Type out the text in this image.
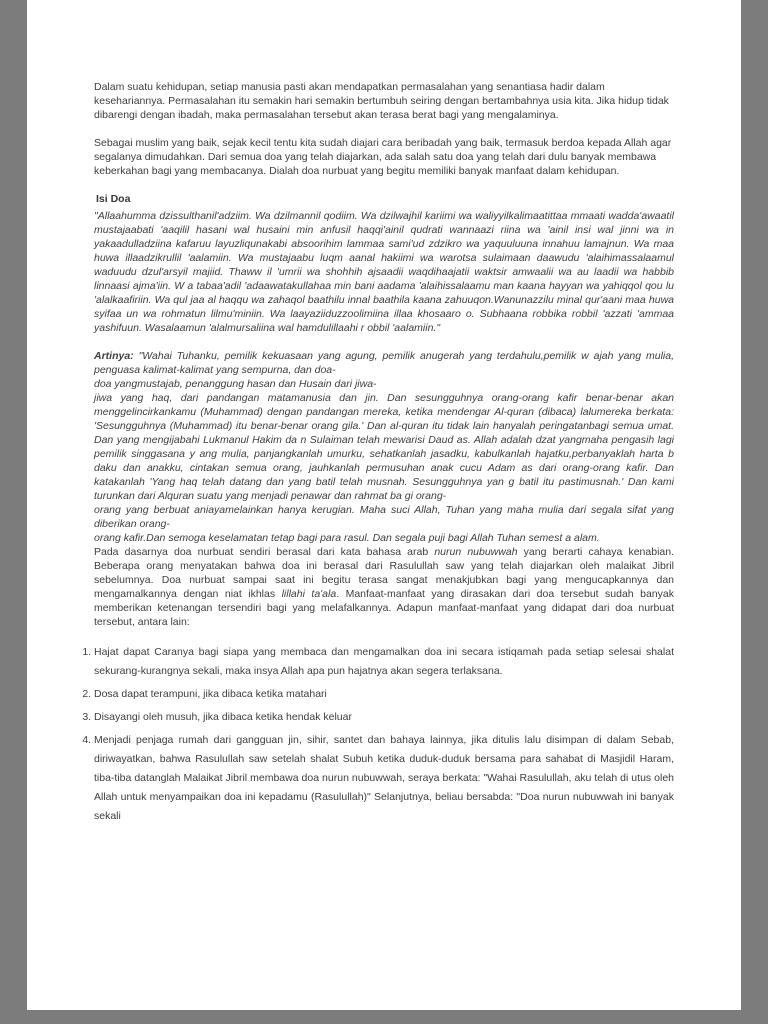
Dalam suatu kehidupan, setiap manusia pasti akan mendapatkan permasalahan yang senantiasa hadir dalam kesehariannya. Permasalahan itu semakin hari semakin bertumbuh seiring dengan bertambahnya usia kita. Jika hidup tidak dibarengi dengan ibadah, maka permasalahan tersebut akan terasa berat bagi yang mengalaminya.

Sebagai muslim yang baik, sejak kecil tentu kita sudah diajari cara beribadah yang baik, termasuk berdoa kepada Allah agar segalanya dimudahkan. Dari semua doa yang telah diajarkan, ada salah satu doa yang telah dari dulu banyak membawa keberkahan bagi yang membacanya. Dialah doa nurbuat yang begitu memiliki banyak manfaat dalam kehidupan.

Isi Doa

"Allaahumma dzissulthanil'adziim. Wa dzilmannil qodiim. Wa dzilwajhil kariimi wa waliyyilkalimaatittaa mmaati wadda'awaatil mustajaabati 'aaqilil hasani wal husaini min anfusil haqqi'ainil qudrati wannaazi riina wa 'ainil insi wal jinni wa in yakaadulladziina kafaruu layuzliqunakabi absoorihim lammaa sami'ud zdzikro wa yaquuluuna innahuu lamajnun. Wa maa huwa illaadzikrullil 'aalamiin. Wa mustajaabu luqm aanal hakiimi wa warotsa sulaimaan daawudu 'alaihimassalaamul waduudu dzul'arsyil majiid. Thaww il 'umrii wa shohhih ajsaadii waqdihaajatii waktsir amwaalii wa au laadii wa habbib linnaasi ajma'iin. W a tabaa'adil 'adaawatakullahaa min bani aadama 'alaihissalaamu man kaana hayyan wa yahiqqol qou lu 'alalkaafiriin. Wa qul jaa al haqqu wa zahaqol baathilu innal baathila kaana zahuuqon.Wanunazzilu minal qur'aani maa huwa syifaa un wa rohmatun lilmu'miniin. Wa laayaziiduzzoolimiina illaa khosaaro o. Subhaana robbika robbil 'azzati 'ammaa yashifuun. Wasalaamun 'alalmursaliina wal hamdulillaahi r obbil 'aalamiin."

Artinya: "Wahai Tuhanku, pemilik kekuasaan yang agung, pemilik anugerah yang terdahulu,pemilik w ajah yang mulia, penguasa kalimat-kalimat yang sempurna, dan doa-
doa yangmustajab, penanggung hasan dan Husain dari jiwa-
jiwa yang haq, dari pandangan matamanusia dan jin. Dan sesungguhnya orang-orang kafir benar-benar akan menggelincirkankamu (Muhammad) dengan pandangan mereka, ketika mendengar Al-quran (dibaca) lalumereka berkata: 'Sesungguhnya (Muhammad) itu benar-benar orang gila.' Dan al-quran itu tidak lain hanyalah peringatanbagi semua umat. Dan yang mengijabahi Lukmanul Hakim da n Sulaiman telah mewarisi Daud as. Allah adalah dzat yangmaha pengasih lagi pemilik singgasana y ang mulia, panjangkanlah umurku, sehatkanlah jasadku, kabulkanlah hajatku,perbanyaklah harta b daku dan anakku, cintakan semua orang, jauhkanlah permusuhan anak cucu Adam as dari orang-orang kafir. Dan katakanlah 'Yang haq telah datang dan yang batil telah musnah. Sesungguhnya yan g batil itu pastimusnah.' Dan kami turunkan dari Alquran suatu yang menjadi penawar dan rahmat ba gi orang-
orang yang berbuat aniayamelainkan hanya kerugian. Maha suci Allah, Tuhan yang maha mulia dari segala sifat yang diberikan orang-
orang kafir.Dan semoga keselamatan tetap bagi para rasul. Dan segala puji bagi Allah Tuhan semest a alam.

Pada dasarnya doa nurbuat sendiri berasal dari kata bahasa arab nurun nubuwwah yang berarti cahaya kenabian. Beberapa orang menyatakan bahwa doa ini berasal dari Rasulullah saw yang telah diajarkan oleh malaikat Jibril sebelumnya. Doa nurbuat sampai saat ini begitu terasa sangat menakjubkan bagi yang mengucapkannya dan mengamalkannya dengan niat ikhlas lillahi ta'ala. Manfaat-manfaat yang dirasakan dari doa tersebut sudah banyak memberikan ketenangan tersendiri bagi yang melafalkannya. Adapun manfaat-manfaat yang didapat dari doa nurbuat tersebut, antara lain:

1. Hajat dapat Caranya bagi siapa yang membaca dan mengamalkan doa ini secara istiqamah pada setiap selesai shalat sekurang-kurangnya sekali, maka insya Allah apa pun hajatnya akan segera terlaksana.
2. Dosa dapat terampuni, jika dibaca ketika matahari
3. Disayangi oleh musuh, jika dibaca ketika hendak keluar
4. Menjadi penjaga rumah dari gangguan jin, sihir, santet dan bahaya lainnya, jika ditulis lalu disimpan di dalam Sebab, diriwayatkan, bahwa Rasulullah saw setelah shalat Subuh ketika duduk-duduk bersama para sahabat di Masjidil Haram, tiba-tiba datanglah Malaikat Jibril membawa doa nurun nubuwwah, seraya berkata: "Wahai Rasulullah, aku telah di utus oleh Allah untuk menyampaikan doa ini kepadamu (Rasulullah)" Selanjutnya, beliau bersabda: "Doa nurun nubuwwah ini banyak sekali
